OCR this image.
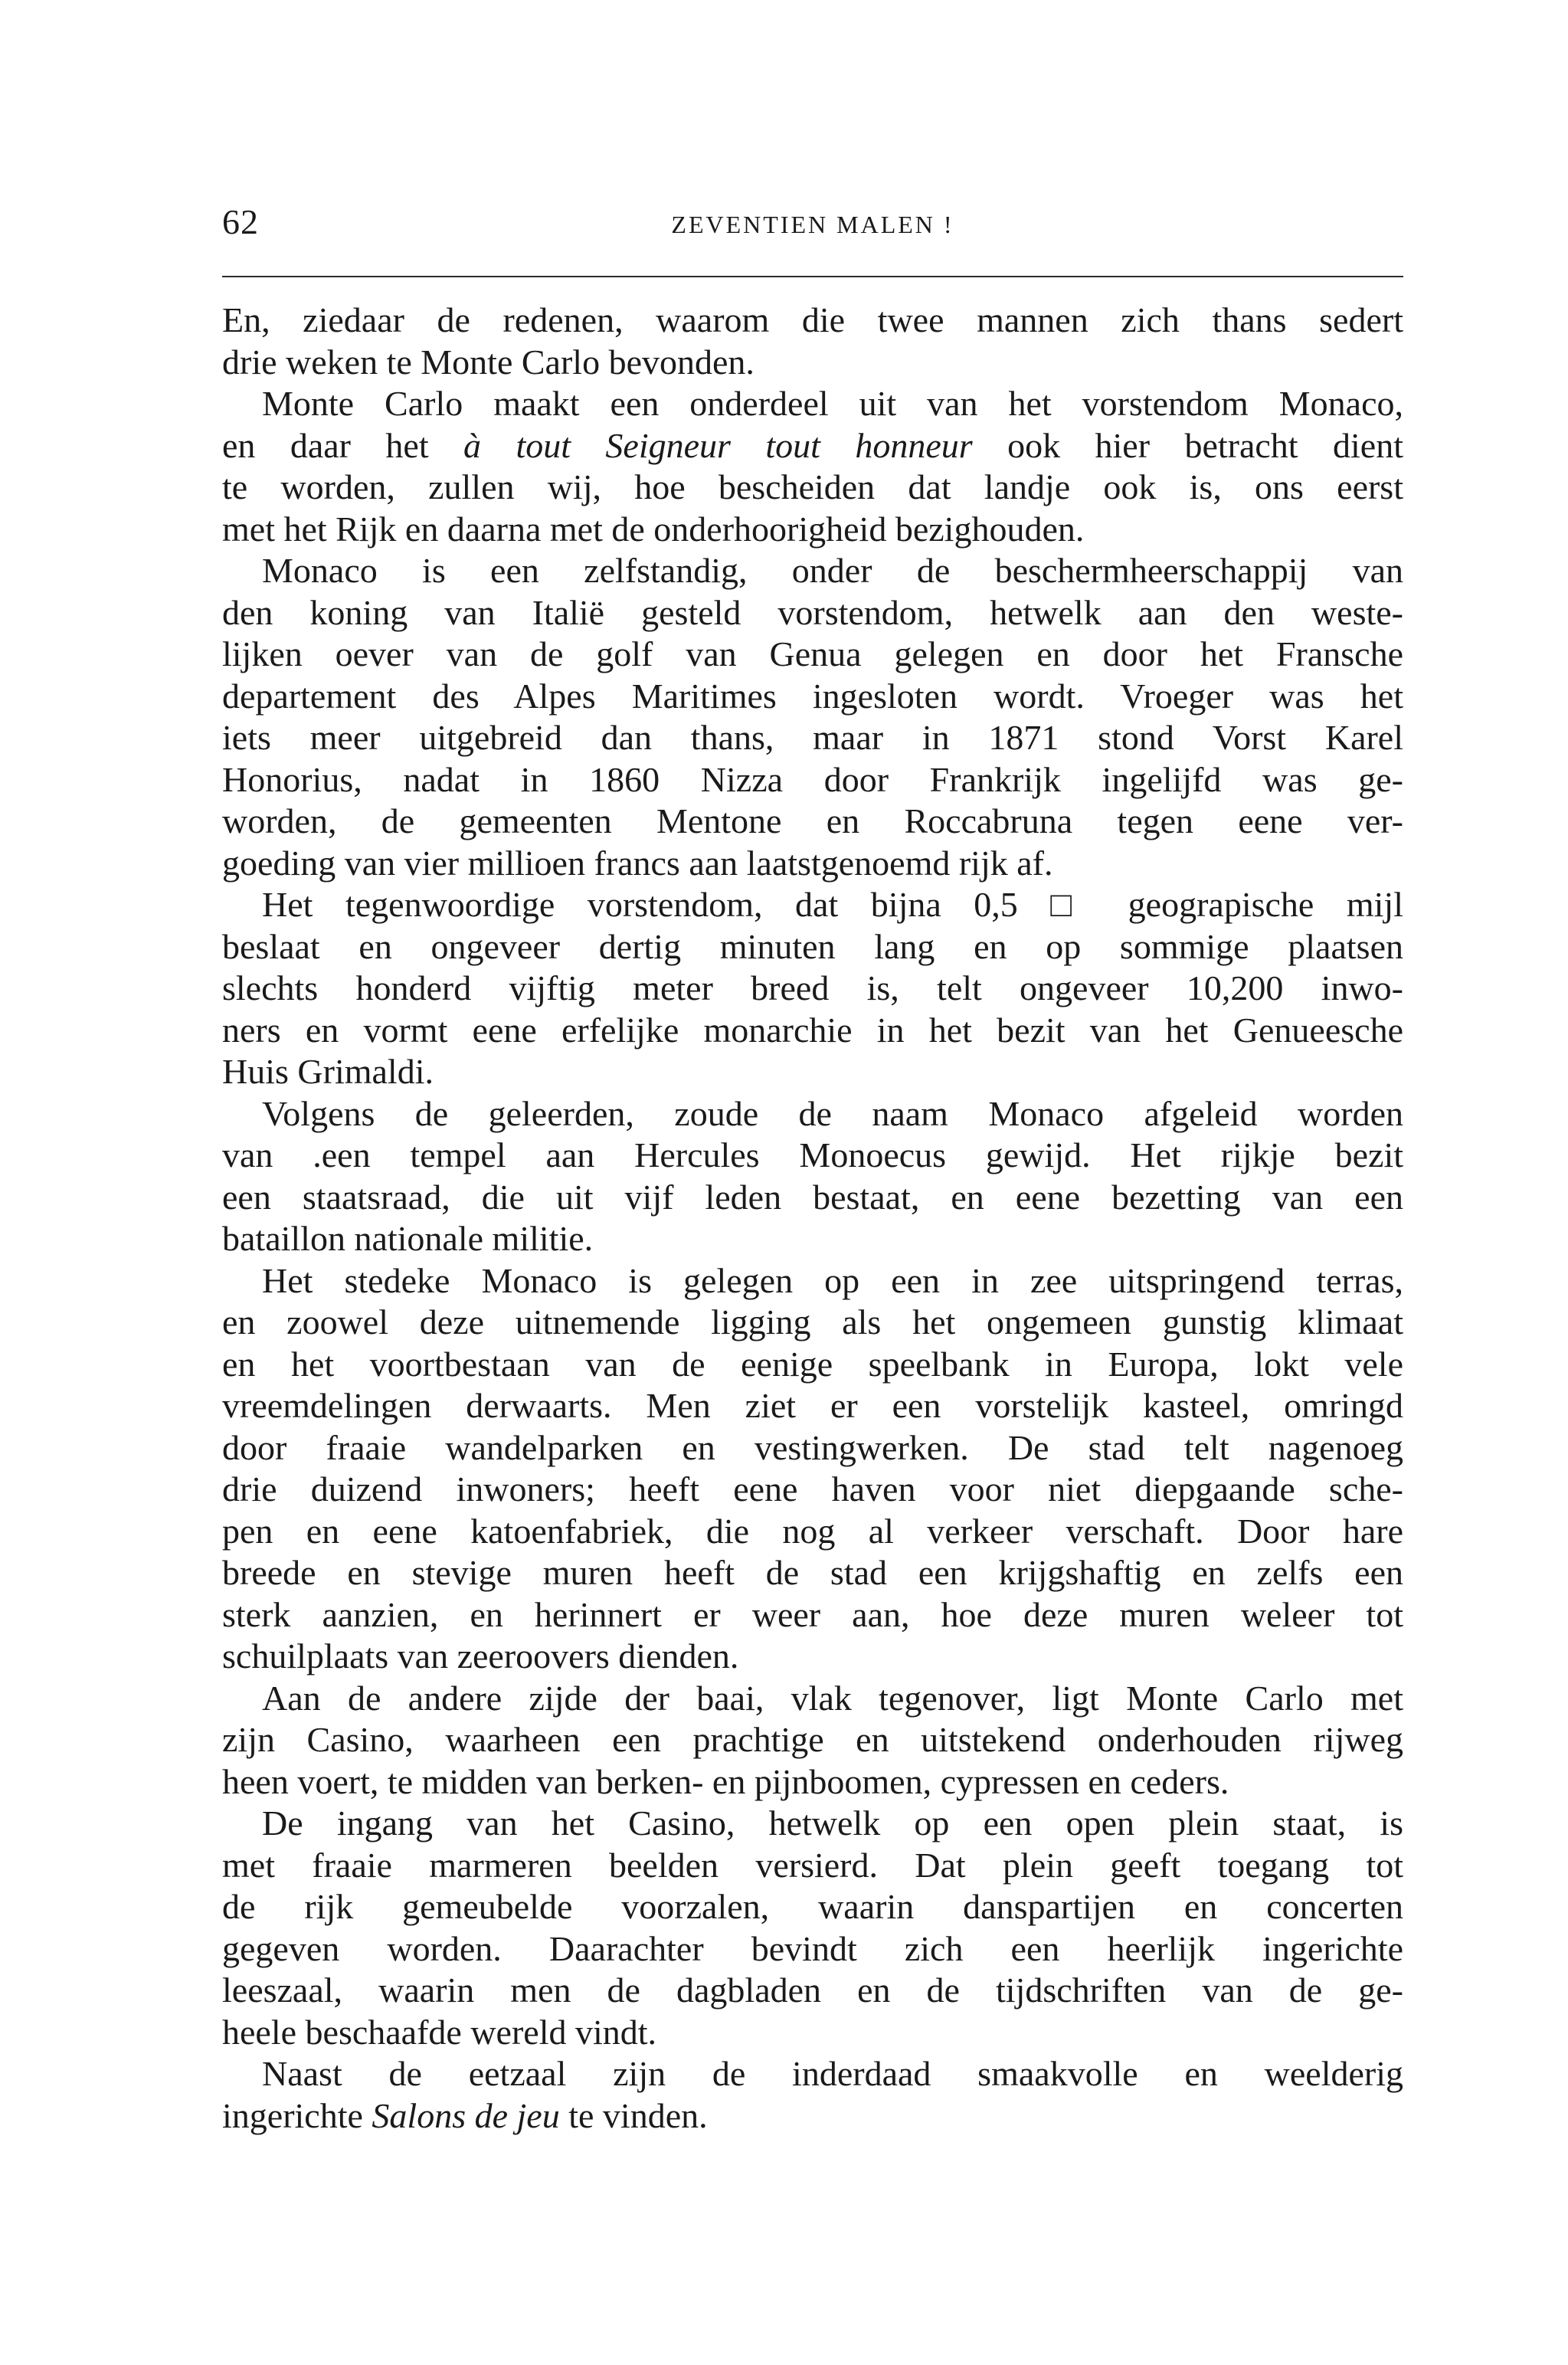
62	ZEVENTIEN MALEN !
En, ziedaar de redenen, waarom die twee mannen zich thans sedert
drie weken te Monte Carlo bevonden.
Monte Carlo maakt een onderdeel uit van het vorstendom Monaco,
en daar het à tout Seigneur tout honneur ook hier betracht dient
te worden, zullen wij, hoe bescheiden dat landje ook is, ons eerst
met het Rijk en daarna met de onderhoorigheid bezighouden.
Monaco is een zelfstandig, onder de beschermheerschappij van
den koning van Italië gesteld vorstendom, hetwelk aan den weste-
lijken oever van de golf van Genua gelegen en door het Fransche
departement des Alpes Maritimes ingesloten wordt. Vroeger was het
iets meer uitgebreid dan thans, maar in 1871 stond Vorst Karel
Honorius, nadat in 1860 Nizza door Frankrijk ingelijfd was ge-
worden, de gemeenten Mentone en Roccabruna tegen eene ver-
goeding van vier millioen francs aan laatstgenoemd rijk af.
Het tegenwoordige vorstendom, dat bijna 0,5 □ geograpische mijl
beslaat en ongeveer dertig minuten lang en op sommige plaatsen
slechts honderd vijftig meter breed is, telt ongeveer 10,200 inwo-
ners en vormt eene erfelijke monarchie in het bezit van het Genueesche
Huis Grimaldi.
Volgens de geleerden, zoude de naam Monaco afgeleid worden
van .een tempel aan Hercules Monoecus gewijd. Het rijkje bezit
een staatsraad, die uit vijf leden bestaat, en eene bezetting van een
bataillon nationale militie.
Het stedeke Monaco is gelegen op een in zee uitspringend terras,
en zoowel deze uitnemende ligging als het ongemeen gunstig klimaat
en het voortbestaan van de eenige speelbank in Europa, lokt vele
vreemdelingen derwaarts. Men ziet er een vorstelijk kasteel, omringd
door fraaie wandelparken en vestingwerken. De stad telt nagenoeg
drie duizend inwoners; heeft eene haven voor niet diepgaande sche-
pen en eene katoenfabriek, die nog al verkeer verschaft. Door hare
breede en stevige muren heeft de stad een krijgshaftig en zelfs een
sterk aanzien, en herinnert er weer aan, hoe deze muren weleer tot
schuilplaats van zeeroovers dienden.
Aan de andere zijde der baai, vlak tegenover, ligt Monte Carlo met
zijn Casino, waarheen een prachtige en uitstekend onderhouden rijweg
heen voert, te midden van berken- en pijnboomen, cypressen en ceders.
De ingang van het Casino, hetwelk op een open plein staat, is
met fraaie marmeren beelden versierd. Dat plein geeft toegang tot
de rijk gemeubelde voorzalen, waarin danspartijen en concerten
gegeven worden. Daarachter bevindt zich een heerlijk ingerichte
leeszaal, waarin men de dagbladen en de tijdschriften van de ge-
heele beschaafde wereld vindt.
Naast de eetzaal zijn de inderdaad smaakvolle en weelderig
ingerichte Salons de jeu te vinden.
